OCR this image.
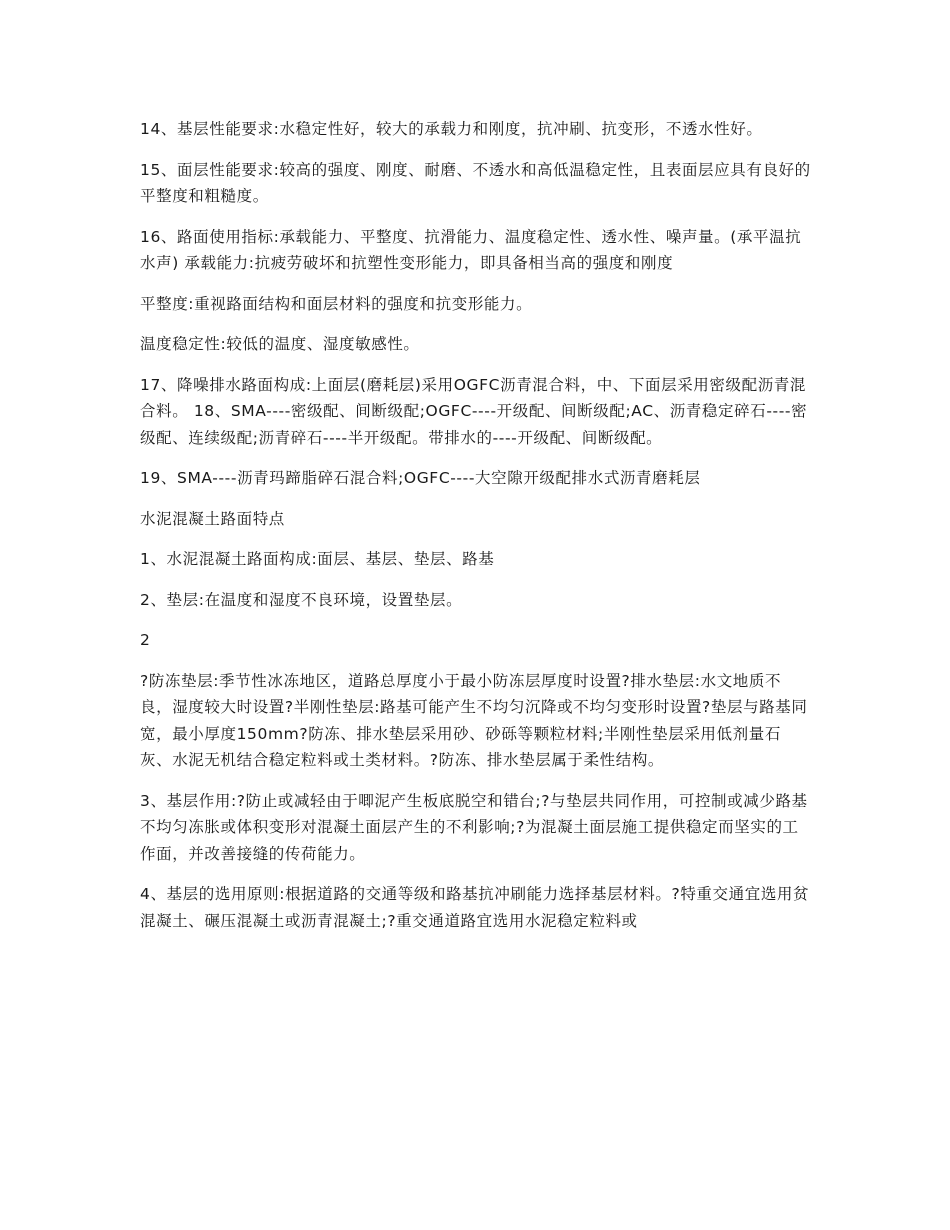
14、基层性能要求:水稳定性好，较大的承载力和刚度，抗冲刷、抗变形，不透水性好。

15、面层性能要求:较高的强度、刚度、耐磨、不透水和高低温稳定性，且表面层应具有良好的平整度和粗糙度。

16、路面使用指标:承载能力、平整度、抗滑能力、温度稳定性、透水性、噪声量。(承平温抗水声) 承载能力:抗疲劳破坏和抗塑性变形能力，即具备相当高的强度和刚度

平整度:重视路面结构和面层材料的强度和抗变形能力。

温度稳定性:较低的温度、湿度敏感性。

17、降噪排水路面构成:上面层(磨耗层)采用OGFC沥青混合料，中、下面层采用密级配沥青混合料。 18、SMA----密级配、间断级配;OGFC----开级配、间断级配;AC、沥青稳定碎石----密级配、连续级配;沥青碎石----半开级配。带排水的----开级配、间断级配。

19、SMA----沥青玛蹄脂碎石混合料;OGFC----大空隙开级配排水式沥青磨耗层

水泥混凝土路面特点

1、水泥混凝土路面构成:面层、基层、垫层、路基

2、垫层:在温度和湿度不良环境，设置垫层。

2

?防冻垫层:季节性冰冻地区，道路总厚度小于最小防冻层厚度时设置?排水垫层:水文地质不良，湿度较大时设置?半刚性垫层:路基可能产生不均匀沉降或不均匀变形时设置?垫层与路基同宽，最小厚度150mm?防冻、排水垫层采用砂、砂砾等颗粒材料;半刚性垫层采用低剂量石灰、水泥无机结合稳定粒料或土类材料。?防冻、排水垫层属于柔性结构。

3、基层作用:?防止或减轻由于唧泥产生板底脱空和错台;?与垫层共同作用，可控制或减少路基不均匀冻胀或体积变形对混凝土面层产生的不利影响;?为混凝土面层施工提供稳定而坚实的工作面，并改善接缝的传荷能力。

4、基层的选用原则:根据道路的交通等级和路基抗冲刷能力选择基层材料。?特重交通宜选用贫混凝土、碾压混凝土或沥青混凝土;?重交通道路宜选用水泥稳定粒料或
